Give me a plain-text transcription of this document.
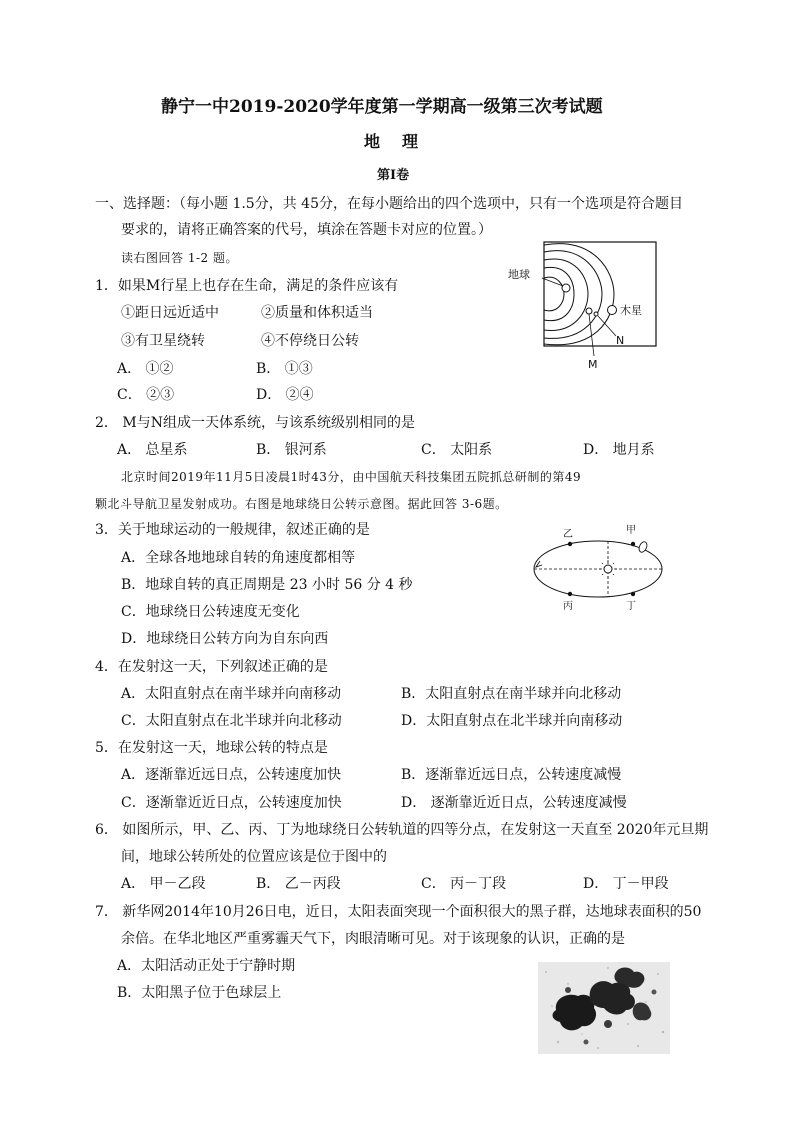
静宁一中2019-2020学年度第一学期高一级第三次考试题
地理
第Ⅰ卷
一、选择题：（每小题 1.5分，共 45分，在每小题给出的四个选项中，只有一个选项是符合题目
要求的，请将正确答案的代号，填涂在答题卡对应的位置。）
读右图回答 1-2 题。
地球
木星
N
M
1．如果M行星上也存在生命，满足的条件应该有
①距日远近适中	②质量和体积适当
③有卫星绕转	④不停绕日公转
A． ①②	B． ①③
C． ②③	D． ②④
2． M与N组成一天体系统，与该系统级别相同的是
A． 总星系	B． 银河系	C． 太阳系	D． 地月系
北京时间2019年11月5日凌晨1时43分，由中国航天科技集团五院抓总研制的第49
颗北斗导航卫星发射成功。右图是地球绕日公转示意图。据此回答 3-6题。
乙	甲
丙	丁
3．关于地球运动的一般规律，叙述正确的是
A．全球各地地球自转的角速度都相等
B．地球自转的真正周期是 23 小时 56 分 4 秒
C．地球绕日公转速度无变化
D．地球绕日公转方向为自东向西
4．在发射这一天，下列叙述正确的是
A．太阳直射点在南半球并向南移动	B．太阳直射点在南半球并向北移动
C．太阳直射点在北半球并向北移动	D．太阳直射点在北半球并向南移动
5．在发射这一天，地球公转的特点是
A．逐渐靠近远日点，公转速度加快	B．逐渐靠近远日点，公转速度减慢
C．逐渐靠近近日点，公转速度加快	D． 逐渐靠近近日点，公转速度减慢
6． 如图所示，甲、乙、丙、丁为地球绕日公转轨道的四等分点，在发射这一天直至 2020年元旦期
间，地球公转所处的位置应该是位于图中的
A． 甲－乙段	B． 乙－丙段	C． 丙－丁段	D． 丁－甲段
7． 新华网2014年10月26日电，近日，太阳表面突现一个面积很大的黑子群，达地球表面积的50
余倍。在华北地区严重雾霾天气下，肉眼清晰可见。对于该现象的认识，正确的是
A．太阳活动正处于宁静时期
B．太阳黑子位于色球层上
